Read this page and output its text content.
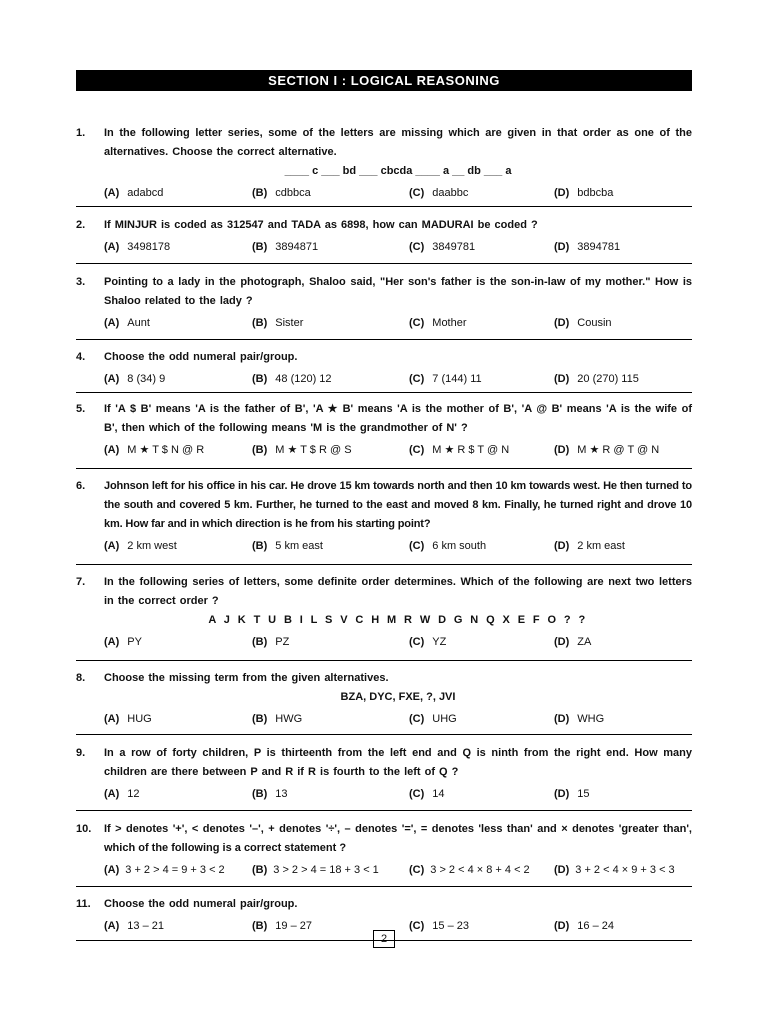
SECTION I : LOGICAL REASONING
1.	In the following letter series, some of the letters are missing which are given in that order as one of the alternatives. Choose the correct alternative.
____ c ___ bd ___ cbcda ____ a __ db ___ a
(A) adabcd	(B) cdbbca	(C) daabbc	(D) bdbcba
2.	If MINJUR is coded as 312547 and TADA as 6898, how can MADURAI be coded ?
(A) 3498178	(B) 3894871	(C) 3849781	(D) 3894781
3.	Pointing to a lady in the photograph, Shaloo said, "Her son's father is the son-in-law of my mother." How is Shaloo related to the lady ?
(A) Aunt	(B) Sister	(C) Mother	(D) Cousin
4.	Choose the odd numeral pair/group.
(A) 8 (34) 9	(B) 48 (120) 12	(C) 7 (144) 11	(D) 20 (270) 115
5.	If 'A $ B' means 'A is the father of B', 'A ★ B' means 'A is the mother of B', 'A @ B' means 'A is the wife of B', then which of the following means 'M is the grandmother of N' ?
(A) M ★ T $ N @ R	(B) M ★ T $ R @ S	(C) M ★ R $ T @ N	(D) M ★ R @ T @ N
6.	Johnson left for his office in his car. He drove 15 km towards north and then 10 km towards west. He then turned to the south and covered 5 km. Further, he turned to the east and moved 8 km. Finally, he turned right and drove 10 km. How far and in which direction is he from his starting point?
(A) 2 km west	(B) 5 km east	(C) 6 km south	(D) 2 km east
7.	In the following series of letters, some definite order determines. Which of the following are next two letters in the correct order ?
A J K T U B I L S V C H M R W D G N Q X E F O ? ?
(A) PY	(B) PZ	(C) YZ	(D) ZA
8.	Choose the missing term from the given alternatives.
BZA, DYC, FXE, ?, JVI
(A) HUG	(B) HWG	(C) UHG	(D) WHG
9.	In a row of forty children, P is thirteenth from the left end and Q is ninth from the right end. How many children are there between P and R if R is fourth to the left of Q ?
(A) 12	(B) 13	(C) 14	(D) 15
10.	If > denotes '+', < denotes '–', + denotes '÷', – denotes '=', = denotes 'less than' and × denotes 'greater than', which of the following is a correct statement ?
(A) 3 + 2 > 4 = 9 + 3 < 2	(B) 3 > 2 > 4 = 18 + 3 < 1	(C) 3 > 2 < 4 × 8 + 4 < 2	(D) 3 + 2 < 4 × 9 + 3 < 3
11.	Choose the odd numeral pair/group.
(A) 13 – 21	(B) 19 – 27	(C) 15 – 23	(D) 16 – 24
2
